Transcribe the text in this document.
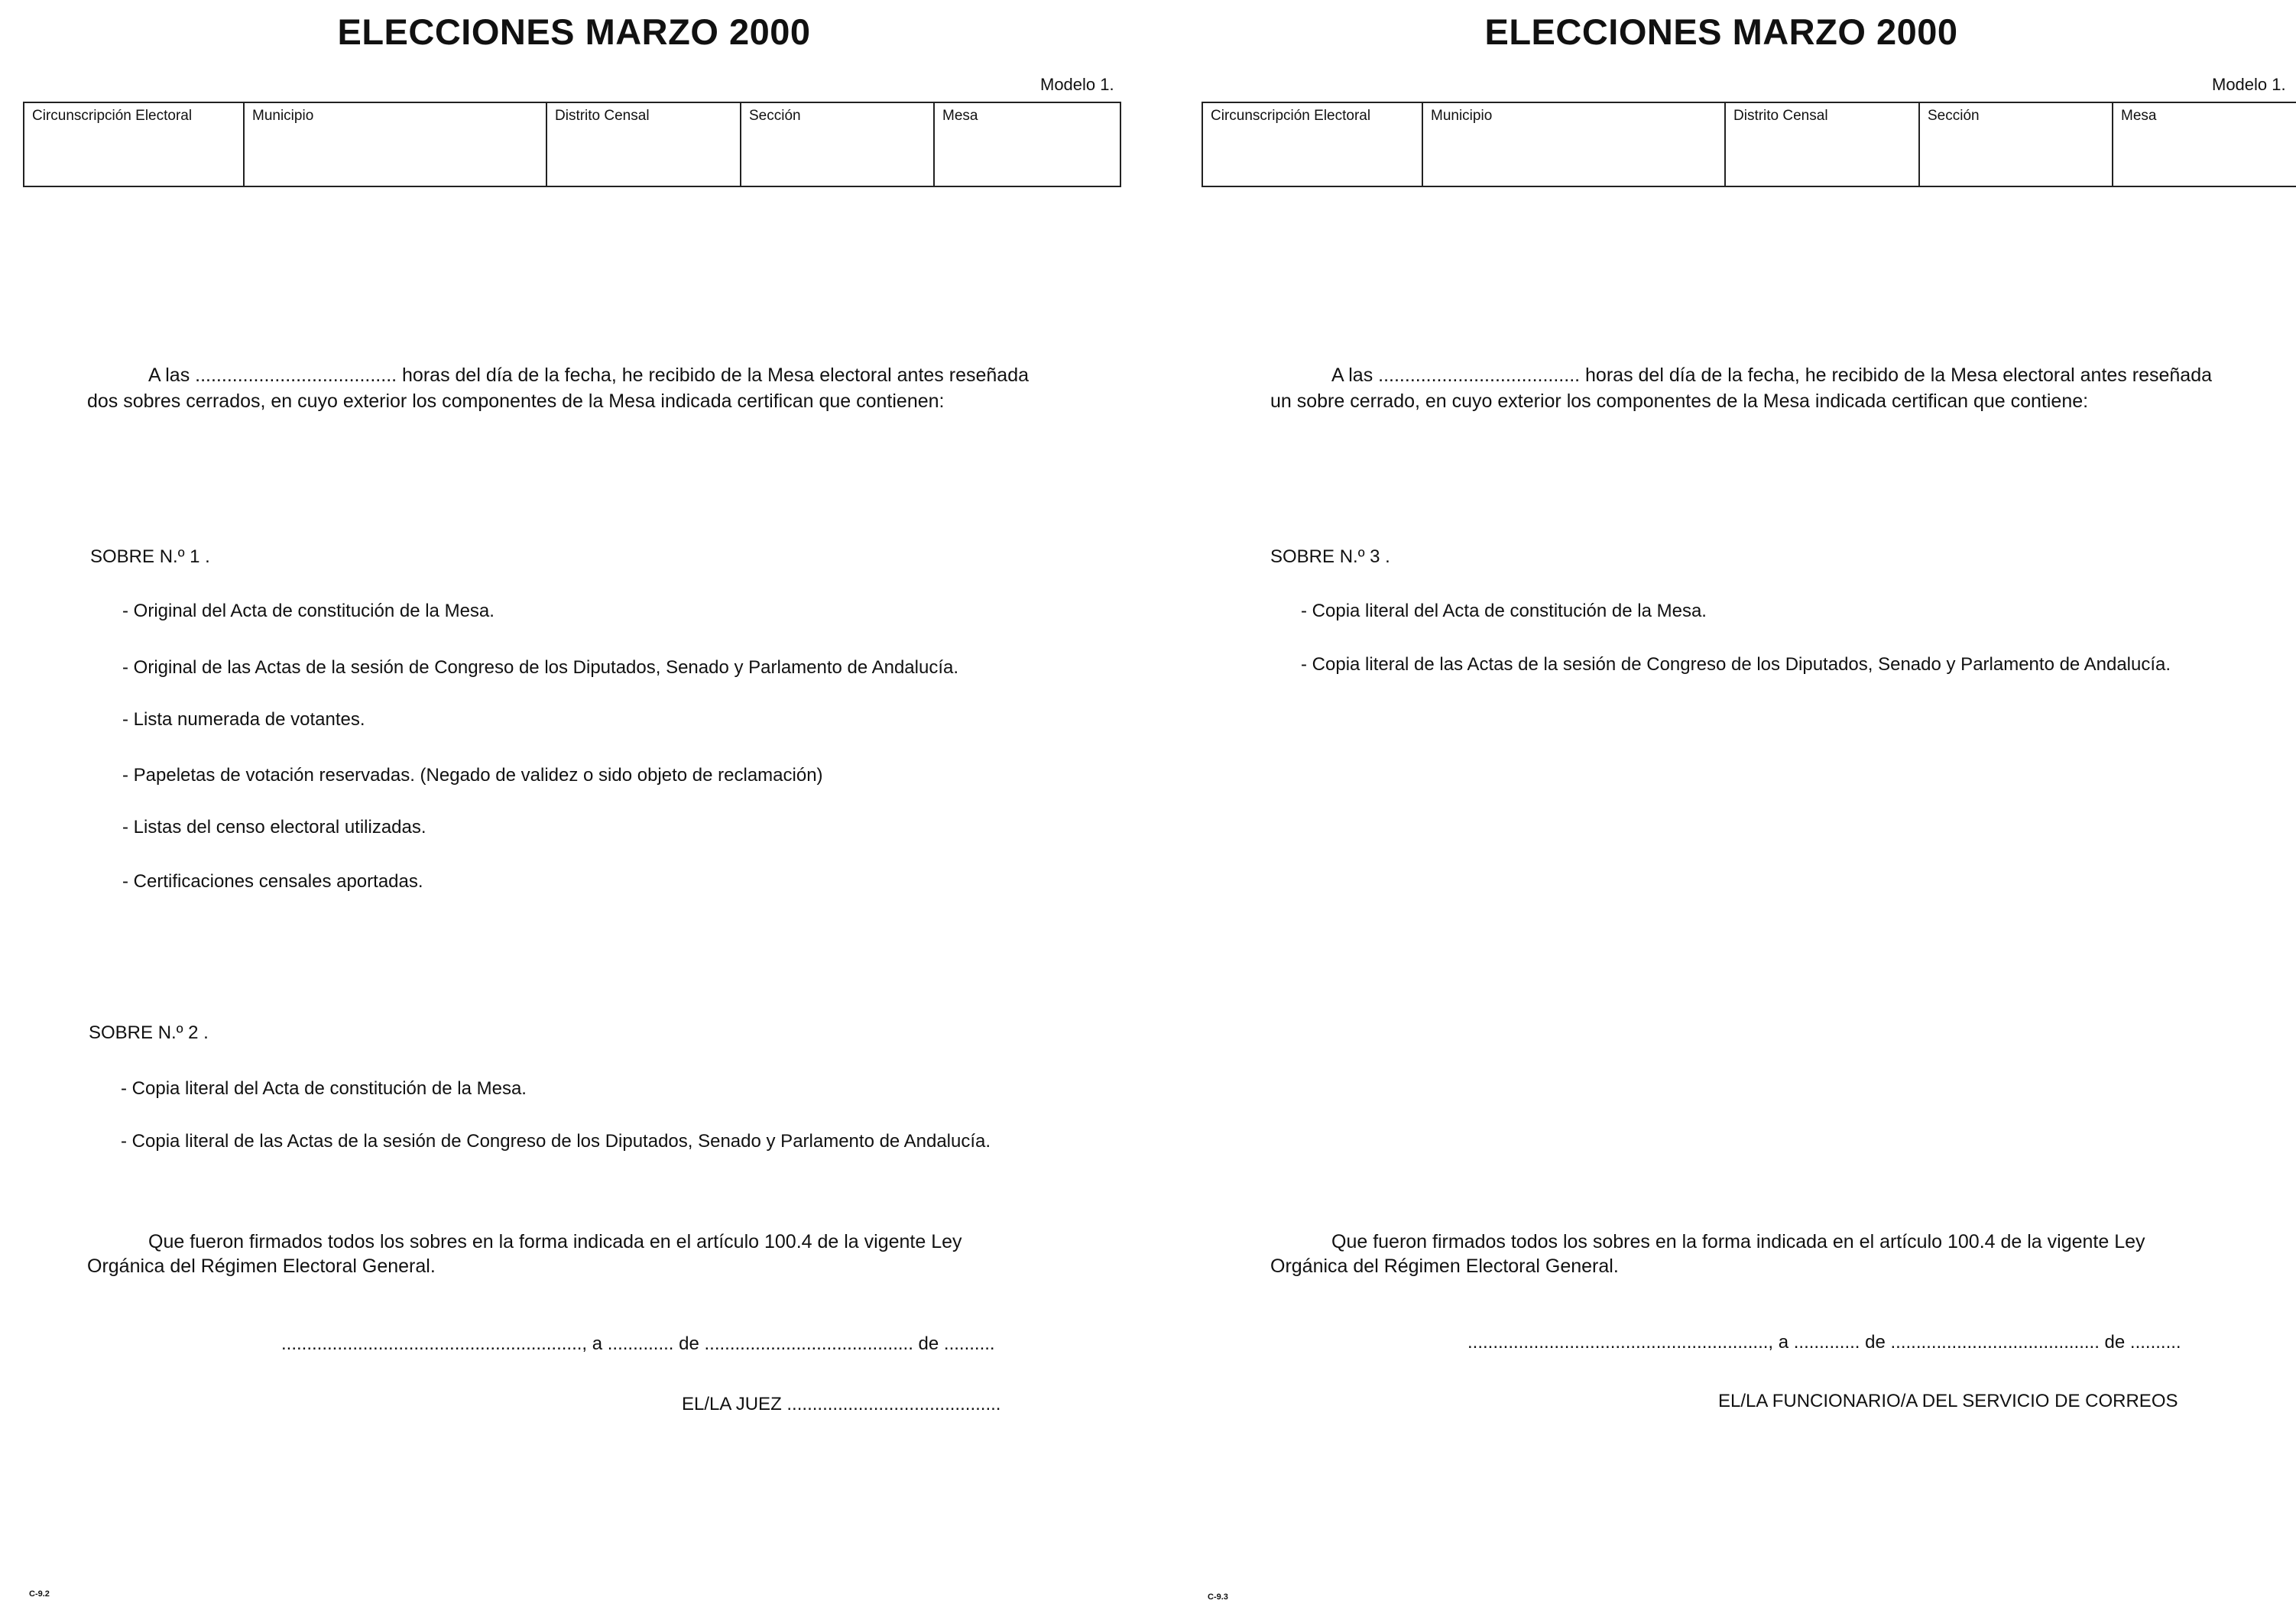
ELECCIONES MARZO 2000
Modelo 1.
Circunscripción Electoral	Municipio	Distrito Censal	Sección	Mesa

A las ...................................... horas del día de la fecha, he recibido de la Mesa electoral antes reseñada

dos sobres cerrados, en cuyo exterior los componentes de la Mesa indicada certifican que contienen:

SOBRE N.º 1 .

- Original del Acta de constitución de la Mesa.

- Original de las Actas de la sesión de Congreso de los Diputados, Senado y Parlamento de Andalucía.

- Lista numerada de votantes.

- Papeletas de votación reservadas. (Negado de validez o sido objeto de reclamación)

- Listas del censo electoral utilizadas.

- Certificaciones censales aportadas.

SOBRE N.º 2 .

- Copia literal del Acta de constitución de la Mesa.

- Copia literal de las Actas de la sesión de Congreso de los Diputados, Senado y Parlamento de Andalucía.

Que fueron firmados todos los sobres en la forma indicada en el artículo 100.4 de la vigente Ley

Orgánica del Régimen Electoral General.

..........................................................., a ............. de ......................................... de ..........

EL/LA JUEZ ..........................................

C-9.2
ELECCIONES MARZO 2000
Modelo 1.
Circunscripción Electoral	Municipio	Distrito Censal	Sección	Mesa

A las ...................................... horas del día de la fecha, he recibido de la Mesa electoral antes reseñada

un sobre cerrado, en cuyo exterior los componentes de la Mesa indicada certifican que contiene:

SOBRE N.º 3 .

- Copia literal del Acta de constitución de la Mesa.

- Copia literal de las Actas de la sesión de Congreso de los Diputados, Senado y Parlamento de Andalucía.

Que fueron firmados todos los sobres en la forma indicada en el artículo 100.4 de la vigente Ley

Orgánica del Régimen Electoral General.

..........................................................., a ............. de ......................................... de ..........

EL/LA FUNCIONARIO/A DEL SERVICIO DE CORREOS

C-9.3
